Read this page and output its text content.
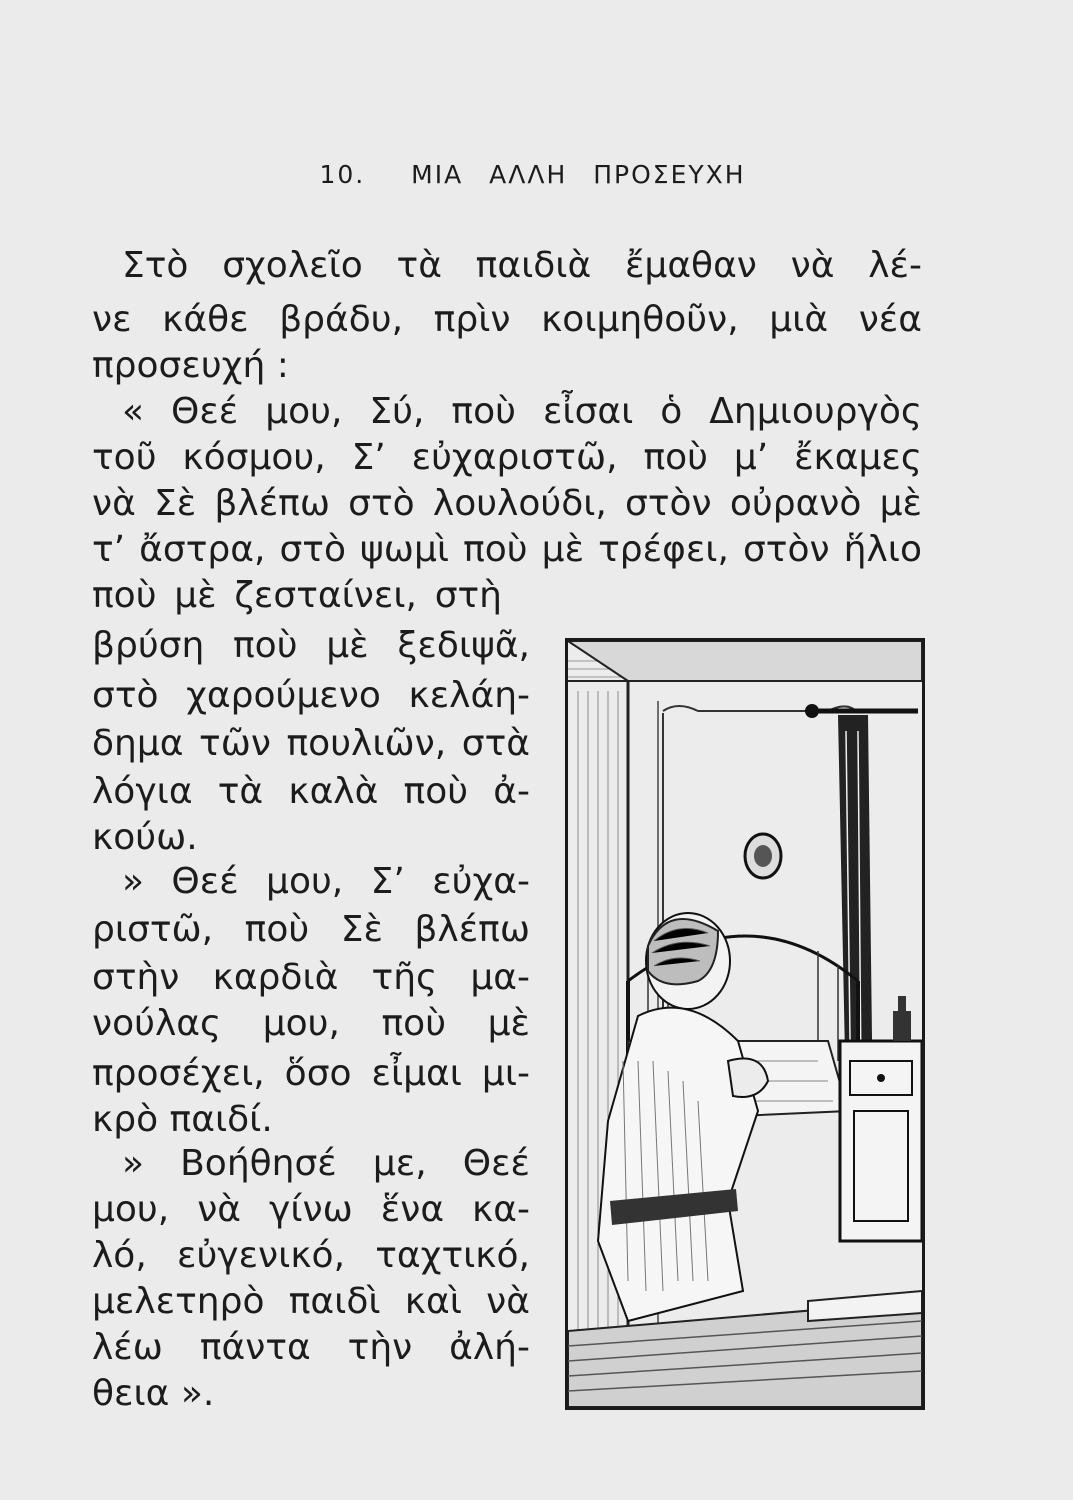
10. ΜΙΑ ΑΛΛΗ ΠΡΟΣΕΥΧΗ
Στὸ σχολεῖο τὰ παιδιὰ ἔμαθαν νὰ λέ-
νε κάθε βράδυ, πρὶν κοιμηθοῦν, μιὰ νέα
προσευχή :
« Θεέ μου, Σύ, ποὺ εἶσαι ὁ Δημιουργὸς
τοῦ κόσμου, Σ’ εὐχαριστῶ, ποὺ μ’ ἔκαμες
νὰ Σὲ βλέπω στὸ λουλούδι, στὸν οὐρανὸ μὲ
τ’ ἄστρα, στὸ ψωμὶ ποὺ μὲ τρέφει, στὸν ἥλιο
ποὺ μὲ ζεσταίνει, στὴ
βρύση ποὺ μὲ ξεδιψᾶ,
στὸ χαρούμενο κελάη-
δημα τῶν πουλιῶν, στὰ
λόγια τὰ καλὰ ποὺ ἀ-
κούω.
» Θεέ μου, Σ’ εὐχα-
ριστῶ, ποὺ Σὲ βλέπω
στὴν καρδιὰ τῆς μα-
νούλας μου, ποὺ μὲ
προσέχει, ὅσο εἶμαι μι-
κρὸ παιδί.
» Βοήθησέ με, Θεέ
μου, νὰ γίνω ἕνα κα-
λό, εὐγενικό, ταχτικό,
μελετηρὸ παιδὶ καὶ νὰ
λέω πάντα τὴν ἀλή-
θεια ».
